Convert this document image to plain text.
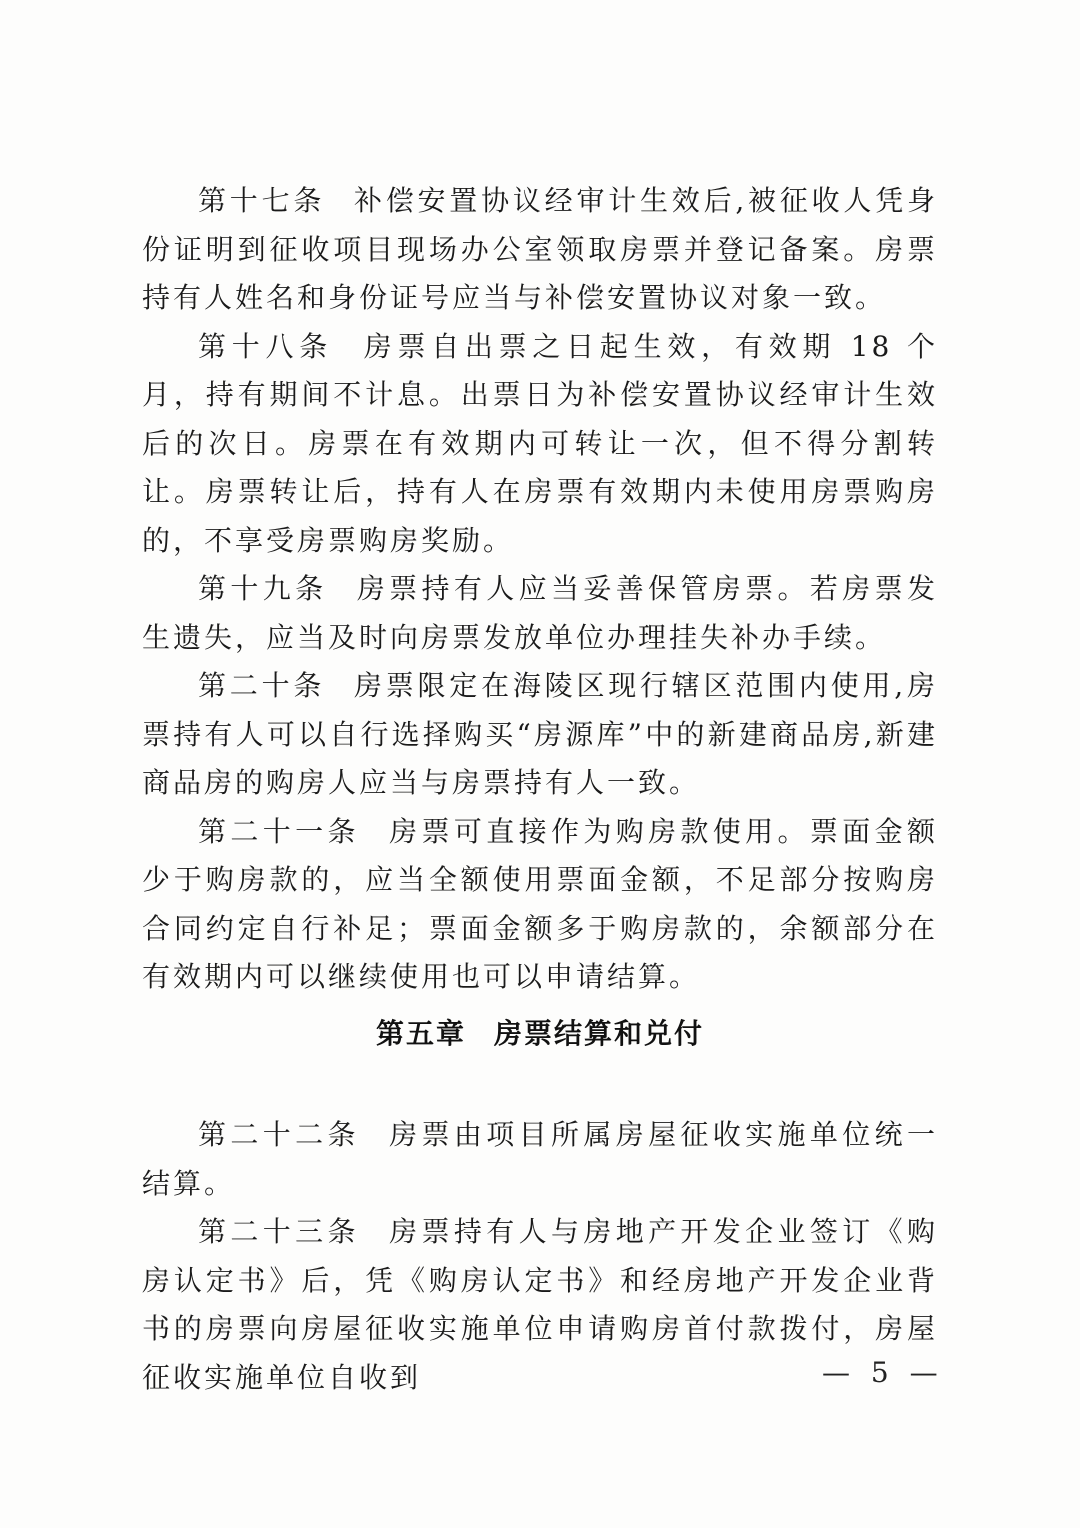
第十七条 补偿安置协议经审计生效后,被征收人凭身份证明到征收项目现场办公室领取房票并登记备案。房票持有人姓名和身份证号应当与补偿安置协议对象一致。

第十八条 房票自出票之日起生效，有效期 18 个月，持有期间不计息。出票日为补偿安置协议经审计生效后的次日。房票在有效期内可转让一次，但不得分割转让。房票转让后，持有人在房票有效期内未使用房票购房的，不享受房票购房奖励。

第十九条 房票持有人应当妥善保管房票。若房票发生遗失，应当及时向房票发放单位办理挂失补办手续。

第二十条 房票限定在海陵区现行辖区范围内使用,房票持有人可以自行选择购买“房源库”中的新建商品房,新建商品房的购房人应当与房票持有人一致。

第二十一条 房票可直接作为购房款使用。票面金额少于购房款的，应当全额使用票面金额，不足部分按购房合同约定自行补足；票面金额多于购房款的，余额部分在有效期内可以继续使用也可以申请结算。

第五章 房票结算和兑付

第二十二条 房票由项目所属房屋征收实施单位统一结算。

第二十三条 房票持有人与房地产开发企业签订《购房认定书》后，凭《购房认定书》和经房地产开发企业背书的房票向房屋征收实施单位申请购房首付款拨付，房屋征收实施单位自收到	— 5 —
